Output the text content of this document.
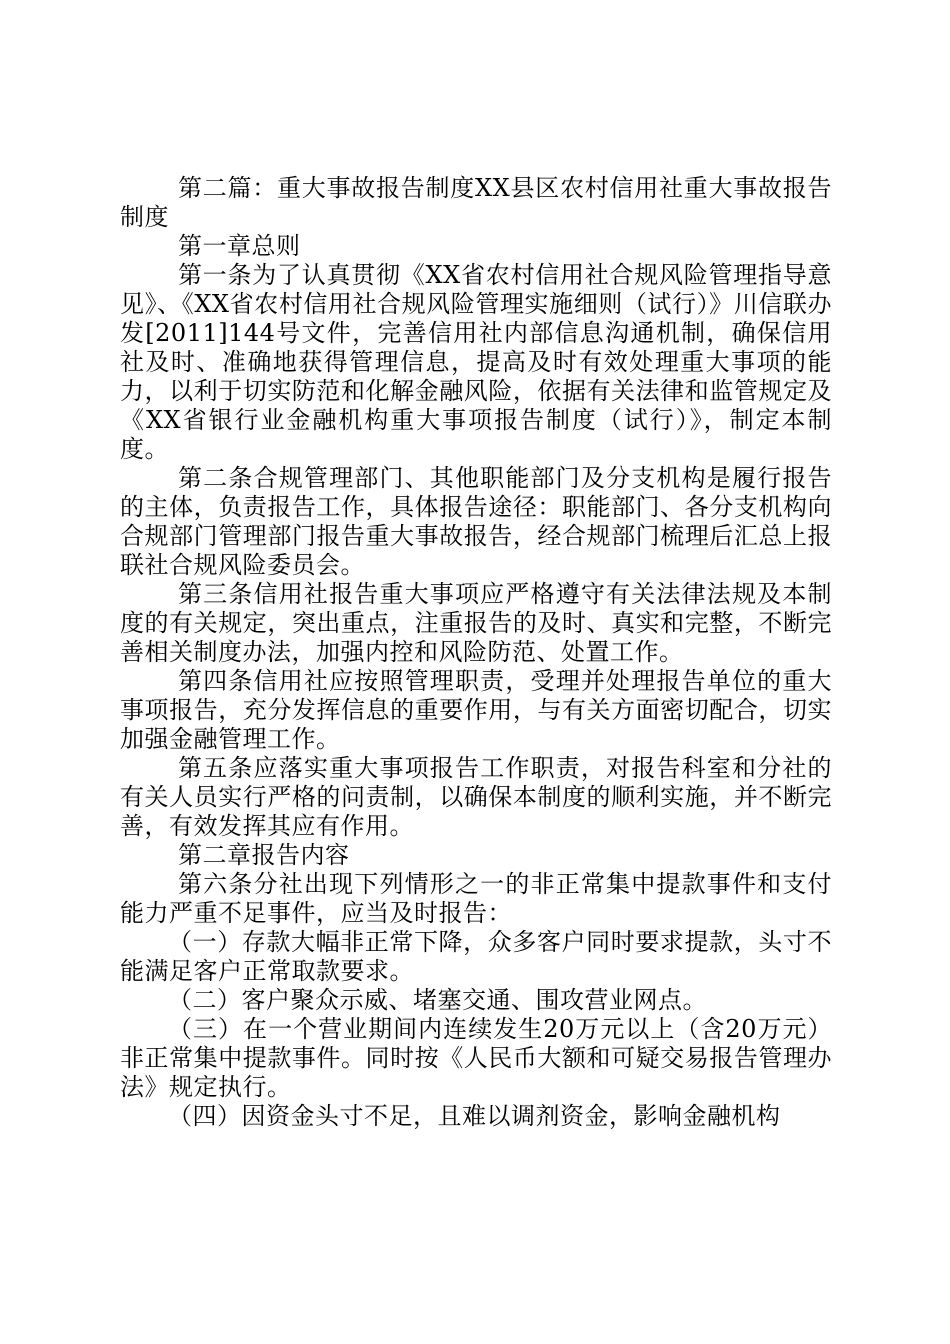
第二篇：重大事故报告制度XX县区农村信用社重大事故报告制度

第一章总则

第一条为了认真贯彻《XX省农村信用社合规风险管理指导意见》、《XX省农村信用社合规风险管理实施细则（试行）》川信联办发[2011]144号文件，完善信用社内部信息沟通机制，确保信用社及时、准确地获得管理信息，提高及时有效处理重大事项的能力，以利于切实防范和化解金融风险，依据有关法律和监管规定及《XX省银行业金融机构重大事项报告制度（试行）》，制定本制度。

第二条合规管理部门、其他职能部门及分支机构是履行报告的主体，负责报告工作，具体报告途径：职能部门、各分支机构向合规部门管理部门报告重大事故报告，经合规部门梳理后汇总上报联社合规风险委员会。

第三条信用社报告重大事项应严格遵守有关法律法规及本制度的有关规定，突出重点，注重报告的及时、真实和完整，不断完善相关制度办法，加强内控和风险防范、处置工作。

第四条信用社应按照管理职责，受理并处理报告单位的重大事项报告，充分发挥信息的重要作用，与有关方面密切配合，切实加强金融管理工作。

第五条应落实重大事项报告工作职责，对报告科室和分社的有关人员实行严格的问责制，以确保本制度的顺利实施，并不断完善，有效发挥其应有作用。

第二章报告内容

第六条分社出现下列情形之一的非正常集中提款事件和支付能力严重不足事件，应当及时报告：

（一）存款大幅非正常下降，众多客户同时要求提款，头寸不能满足客户正常取款要求。

（二）客户聚众示威、堵塞交通、围攻营业网点。

（三）在一个营业期间内连续发生20万元以上（含20万元）非正常集中提款事件。同时按《人民币大额和可疑交易报告管理办法》规定执行。

（四）因资金头寸不足，且难以调剂资金，影响金融机构
